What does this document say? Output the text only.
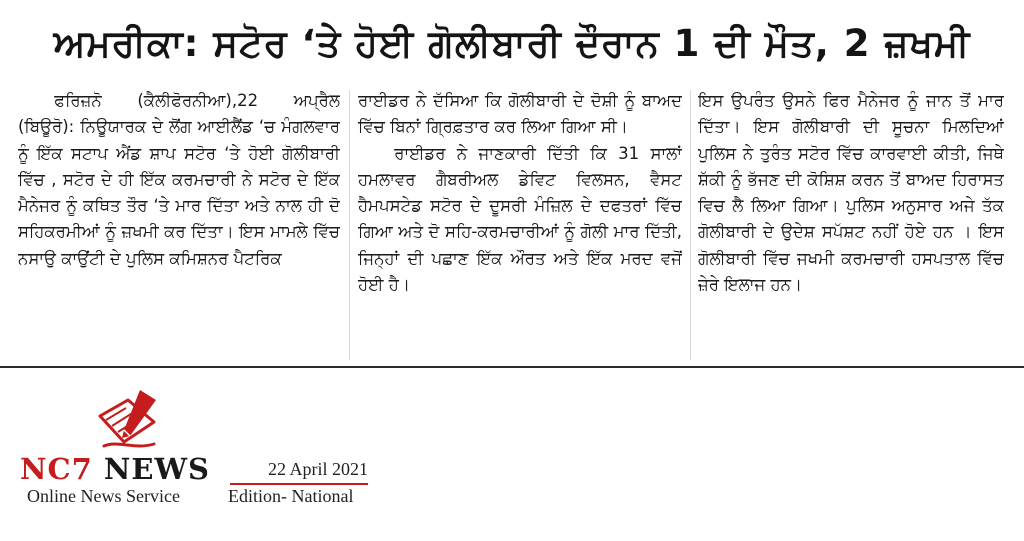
ਅਮਰੀਕਾ: ਸਟੋਰ ‘ਤੇ ਹੋਈ ਗੋਲੀਬਾਰੀ ਦੌਰਾਨ 1 ਦੀ ਮੌਤ, 2 ਜ਼ਖਮੀ

ਫਰਿਜ਼ਨੋ (ਕੈਲੀਫੋਰਨੀਆ),22 ਅਪ੍ਰੈਲ (ਬਿਊਰੋ): ਨਿਊਯਾਰਕ ਦੇ ਲੋਂਗ ਆਈਲੈਂਡ ‘ਚ ਮੰਗਲਵਾਰ ਨੂੰ ਇੱਕ ਸਟਾਪ ਐਂਡ ਸ਼ਾਪ ਸਟੋਰ ‘ਤੇ ਹੋਈ ਗੋਲੀਬਾਰੀ ਵਿੱਚ , ਸਟੋਰ ਦੇ ਹੀ ਇੱਕ ਕਰਮਚਾਰੀ ਨੇ ਸਟੋਰ ਦੇ ਇੱਕ ਮੈਨੇਜਰ ਨੂੰ ਕਥਿਤ ਤੌਰ ‘ਤੇ ਮਾਰ ਦਿੱਤਾ ਅਤੇ ਨਾਲ ਹੀ ਦੋ ਸਹਿਕਰਮੀਆਂ ਨੂੰ ਜ਼ਖਮੀ ਕਰ ਦਿੱਤਾ। ਇਸ ਮਾਮਲੇ ਵਿੱਚ ਨਸਾਉ ਕਾਉਂਟੀ ਦੇ ਪੁਲਿਸ ਕਮਿਸ਼ਨਰ ਪੈਟਰਿਕ

ਰਾਈਡਰ ਨੇ ਦੱਸਿਆ ਕਿ ਗੋਲੀਬਾਰੀ ਦੇ ਦੋਸ਼ੀ ਨੂੰ ਬਾਅਦ ਵਿੱਚ ਬਿਨਾਂ ਗ੍ਰਿਫ਼ਤਾਰ ਕਰ ਲਿਆ ਗਿਆ ਸੀ।

ਰਾਈਡਰ ਨੇ ਜਾਣਕਾਰੀ ਦਿੱਤੀ ਕਿ 31 ਸਾਲਾਂ ਹਮਲਾਵਰ ਗੈਬਰੀਅਲ ਡੇਵਿਟ ਵਿਲਸਨ, ਵੈਸਟ ਹੈਮਪਸਟੇਡ ਸਟੋਰ ਦੇ ਦੂਸਰੀ ਮੰਜ਼ਿਲ ਦੇ ਦਫਤਰਾਂ ਵਿੱਚ ਗਿਆ ਅਤੇ ਦੋ ਸਹਿ-ਕਰਮਚਾਰੀਆਂ ਨੂੰ ਗੋਲੀ ਮਾਰ ਦਿੱਤੀ, ਜਿਨ੍ਹਾਂ ਦੀ ਪਛਾਣ ਇੱਕ ਔਰਤ ਅਤੇ ਇੱਕ ਮਰਦ ਵਜੋਂ ਹੋਈ ਹੈ।

ਇਸ ਉਪਰੰਤ ਉਸਨੇ ਫਿਰ ਮੈਨੇਜਰ ਨੂੰ ਜਾਨ ਤੋਂ ਮਾਰ ਦਿੱਤਾ। ਇਸ ਗੋਲੀਬਾਰੀ ਦੀ ਸੂਚਨਾ ਮਿਲਦਿਆਂ ਪੁਲਿਸ ਨੇ ਤੁਰੰਤ ਸਟੋਰ ਵਿੱਚ ਕਾਰਵਾਈ ਕੀਤੀ, ਜਿਥੇ ਸ਼ੱਕੀ ਨੂੰ ਭੱਜਣ ਦੀ ਕੋਸ਼ਿਸ਼ ਕਰਨ ਤੋਂ ਬਾਅਦ ਹਿਰਾਸਤ ਵਿਚ ਲੈ ਲਿਆ ਗਿਆ। ਪੁਲਿਸ ਅਨੁਸਾਰ ਅਜੇ ਤੱਕ ਗੋਲੀਬਾਰੀ ਦੇ ਉਦੇਸ਼ ਸਪੱਸ਼ਟ ਨਹੀਂ ਹੋਏ ਹਨ । ਇਸ ਗੋਲੀਬਾਰੀ ਵਿੱਚ ਜਖਮੀ ਕਰਮਚਾਰੀ ਹਸਪਤਾਲ ਵਿੱਚ ਜ਼ੇਰੇ ਇਲਾਜ ਹਨ।

NC7 NEWS
Online News Service
22 April 2021
Edition- National
